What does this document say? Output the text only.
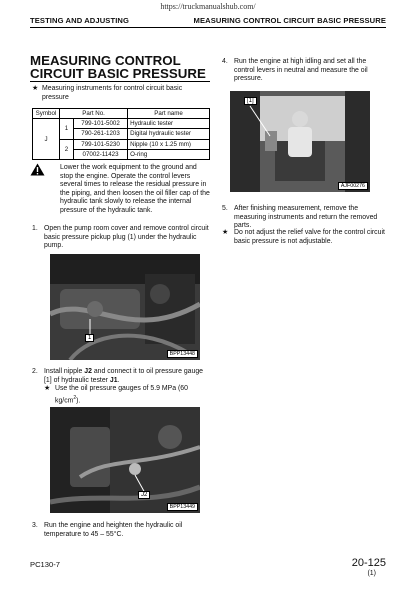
https://truckmanualshub.com/
TESTING AND ADJUSTING	MEASURING CONTROL CIRCUIT BASIC PRESSURE
MEASURING CONTROL
CIRCUIT BASIC PRESSURE
★ Measuring instruments for control circuit basic pressure
Symbol	Part No.		Part name
J	1	799-101-5002	Hydraulic tester
		790-261-1203	Digital hydraulic tester
	2	799-101-5230	Nipple (10 x 1.25 mm)
		07002-11423	O-ring
Lower the work equipment to the ground and stop the engine. Operate the control levers several times to release the residual pressure in the piping, and then loosen the oil filler cap of the hydraulic tank slowly to release the internal pressure of the hydraulic tank.
1. Open the pump room cover and remove control circuit basic pressure pickup plug (1) under the hydraulic pump.
1
BPP13448
2. Install nipple J2 and connect it to oil pressure gauge [1] of hydraulic tester J1.
★ Use the oil pressure gauges of 5.9 MPa (60 $kg/cm^2$).
J2
BPP13449
3. Run the engine and heighten the hydraulic oil temperature to 45 – 55°C.
4. Run the engine at high idling and set all the control levers in neutral and measure the oil pressure.
[1]
AJF00276
5. After finishing measurement, remove the measuring instruments and return the removed parts.
★ Do not adjust the relief valve for the control circuit basic pressure is not adjustable.
PC130-7	20-125
(1)
